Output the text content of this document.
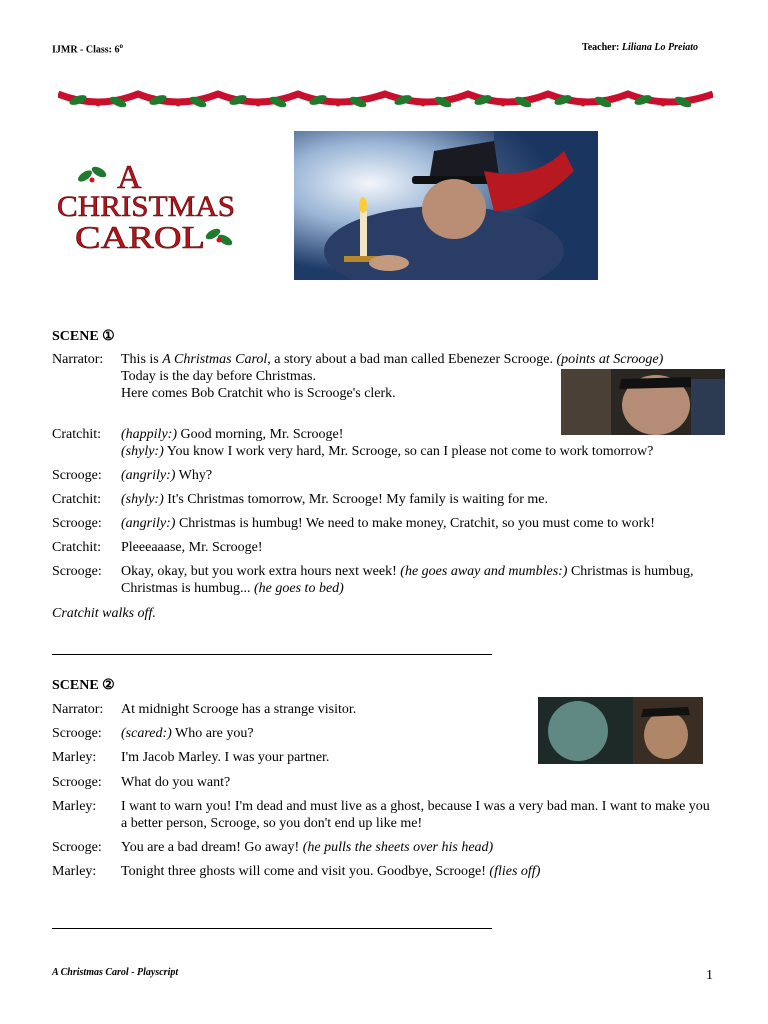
IJMR - Class: 6$^o$	Teacher: Liliana Lo Preiato
A
CHRISTMAS
CAROL
SCENE ①
Narrator:	This is A Christmas Carol, a story about a bad man called Ebenezer Scrooge. (points at Scrooge)
Today is the day before Christmas.
Here comes Bob Cratchit who is Scrooge's clerk.
Cratchit:	(happily:) Good morning, Mr. Scrooge!
(shyly:) You know I work very hard, Mr. Scrooge, so can I please not come to work tomorrow?
Scrooge:	(angrily:) Why?
Cratchit:	(shyly:) It's Christmas tomorrow, Mr. Scrooge! My family is waiting for me.
Scrooge:	(angrily:) Christmas is humbug! We need to make money, Cratchit, so you must come to work!
Cratchit:	Pleeeaaase, Mr. Scrooge!
Scrooge:	Okay, okay, but you work extra hours next week! (he goes away and mumbles:) Christmas is humbug, Christmas is humbug... (he goes to bed)
Cratchit walks off.
SCENE ②
Narrator:	At midnight Scrooge has a strange visitor.
Scrooge:	(scared:) Who are you?
Marley:	I'm Jacob Marley. I was your partner.
Scrooge:	What do you want?
Marley:	I want to warn you! I'm dead and must live as a ghost, because I was a very bad man. I want to make you a better person, Scrooge, so you don't end up like me!
Scrooge:	You are a bad dream! Go away! (he pulls the sheets over his head)
Marley:	Tonight three ghosts will come and visit you. Goodbye, Scrooge! (flies off)
A Christmas Carol - Playscript	1
